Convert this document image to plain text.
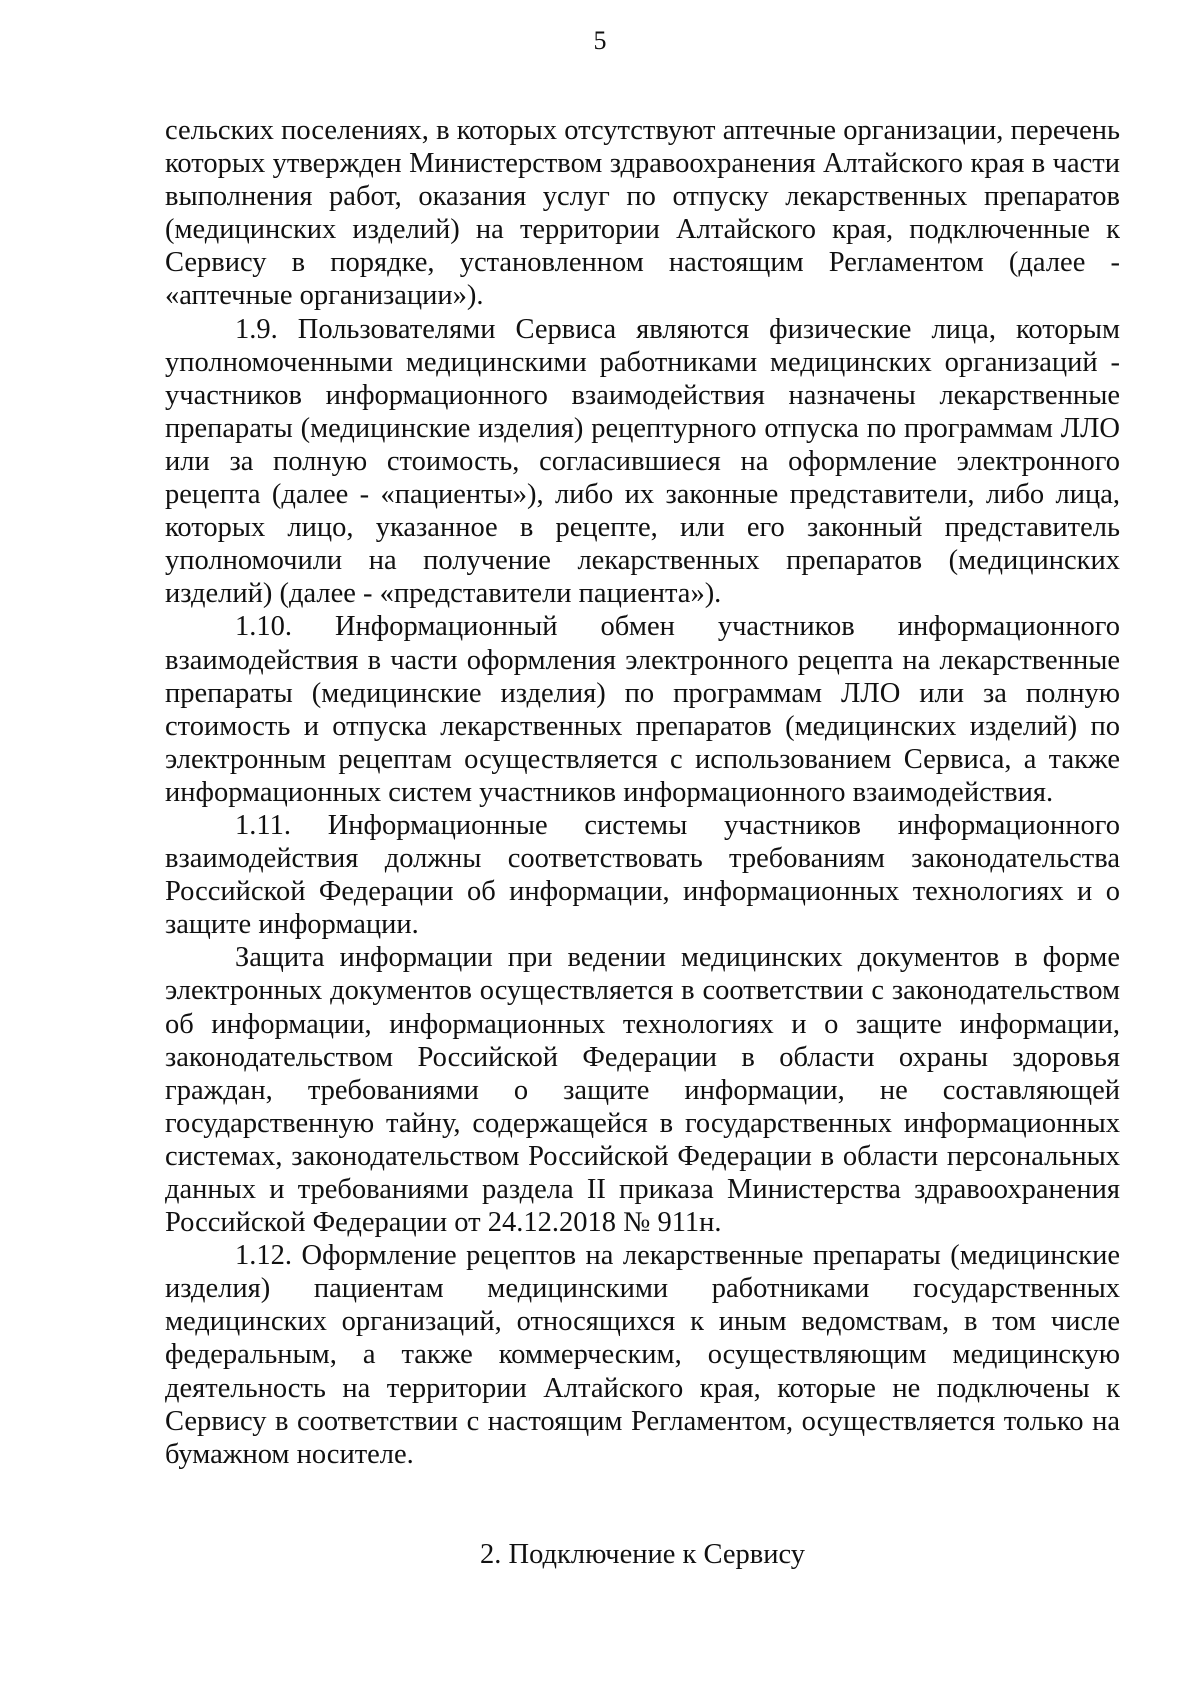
5

сельских поселениях, в которых отсутствуют аптечные организации, перечень которых утвержден Министерством здравоохранения Алтайского края в части выполнения работ, оказания услуг по отпуску лекарственных препаратов (медицинских изделий) на территории Алтайского края, подключенные к Сервису в порядке, установленном настоящим Регламентом (далее - «аптечные организации»).

1.9. Пользователями Сервиса являются физические лица, которым уполномоченными медицинскими работниками медицинских организаций - участников информационного взаимодействия назначены лекарственные препараты (медицинские изделия) рецептурного отпуска по программам ЛЛО или за полную стоимость, согласившиеся на оформление электронного рецепта (далее - «пациенты»), либо их законные представители, либо лица, которых лицо, указанное в рецепте, или его законный представитель уполномочили на получение лекарственных препаратов (медицинских изделий) (далее - «представители пациента»).

1.10. Информационный обмен участников информационного взаимодействия в части оформления электронного рецепта на лекарственные препараты (медицинские изделия) по программам ЛЛО или за полную стоимость и отпуска лекарственных препаратов (медицинских изделий) по электронным рецептам осуществляется с использованием Сервиса, а также информационных систем участников информационного взаимодействия.

1.11. Информационные системы участников информационного взаимодействия должны соответствовать требованиям законодательства Российской Федерации об информации, информационных технологиях и о защите информации.

Защита информации при ведении медицинских документов в форме электронных документов осуществляется в соответствии с законодательством об информации, информационных технологиях и о защите информации, законодательством Российской Федерации в области охраны здоровья граждан, требованиями о защите информации, не составляющей государственную тайну, содержащейся в государственных информационных системах, законодательством Российской Федерации в области персональных данных и требованиями раздела II приказа Министерства здравоохранения Российской Федерации от 24.12.2018 № 911н.

1.12. Оформление рецептов на лекарственные препараты (медицинские изделия) пациентам медицинскими работниками государственных медицинских организаций, относящихся к иным ведомствам, в том числе федеральным, а также коммерческим, осуществляющим медицинскую деятельность на территории Алтайского края, которые не подключены к Сервису в соответствии с настоящим Регламентом, осуществляется только на бумажном носителе.

2. Подключение к Сервису
